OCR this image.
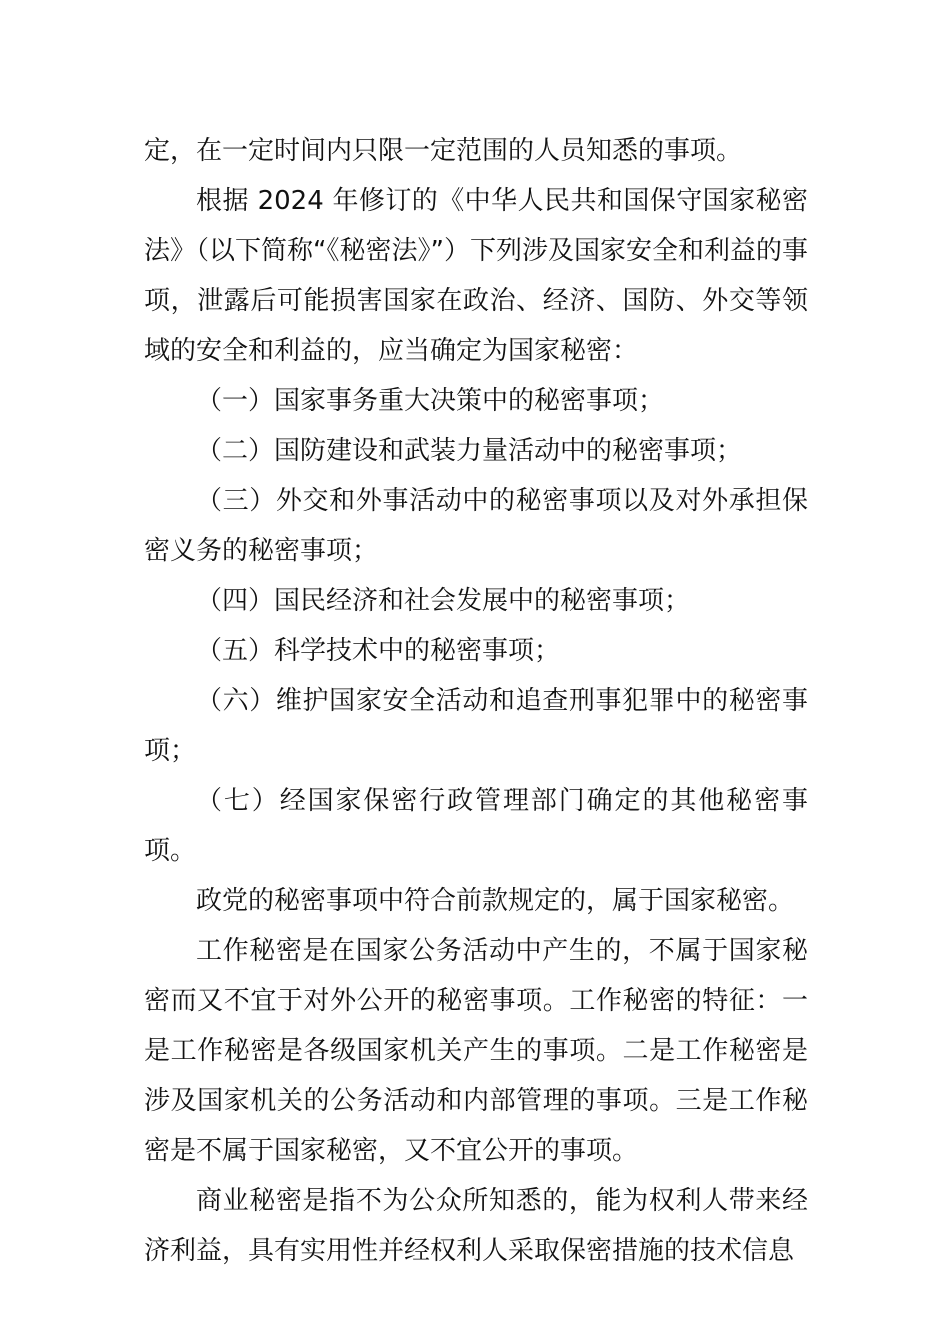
定，在一定时间内只限一定范围的人员知悉的事项。

根据 2024 年修订的《中华人民共和国保守国家秘密法》（以下简称“《秘密法》”）下列涉及国家安全和利益的事项，泄露后可能损害国家在政治、经济、国防、外交等领域的安全和利益的，应当确定为国家秘密：

（一）国家事务重大决策中的秘密事项；

（二）国防建设和武装力量活动中的秘密事项；

（三）外交和外事活动中的秘密事项以及对外承担保密义务的秘密事项；

（四）国民经济和社会发展中的秘密事项；

（五）科学技术中的秘密事项；

（六）维护国家安全活动和追查刑事犯罪中的秘密事项；

（七）经国家保密行政管理部门确定的其他秘密事项。

政党的秘密事项中符合前款规定的，属于国家秘密。

工作秘密是在国家公务活动中产生的，不属于国家秘密而又不宜于对外公开的秘密事项。工作秘密的特征：一是工作秘密是各级国家机关产生的事项。二是工作秘密是涉及国家机关的公务活动和内部管理的事项。三是工作秘密是不属于国家秘密，又不宜公开的事项。

商业秘密是指不为公众所知悉的，能为权利人带来经济利益，具有实用性并经权利人采取保密措施的技术信息
